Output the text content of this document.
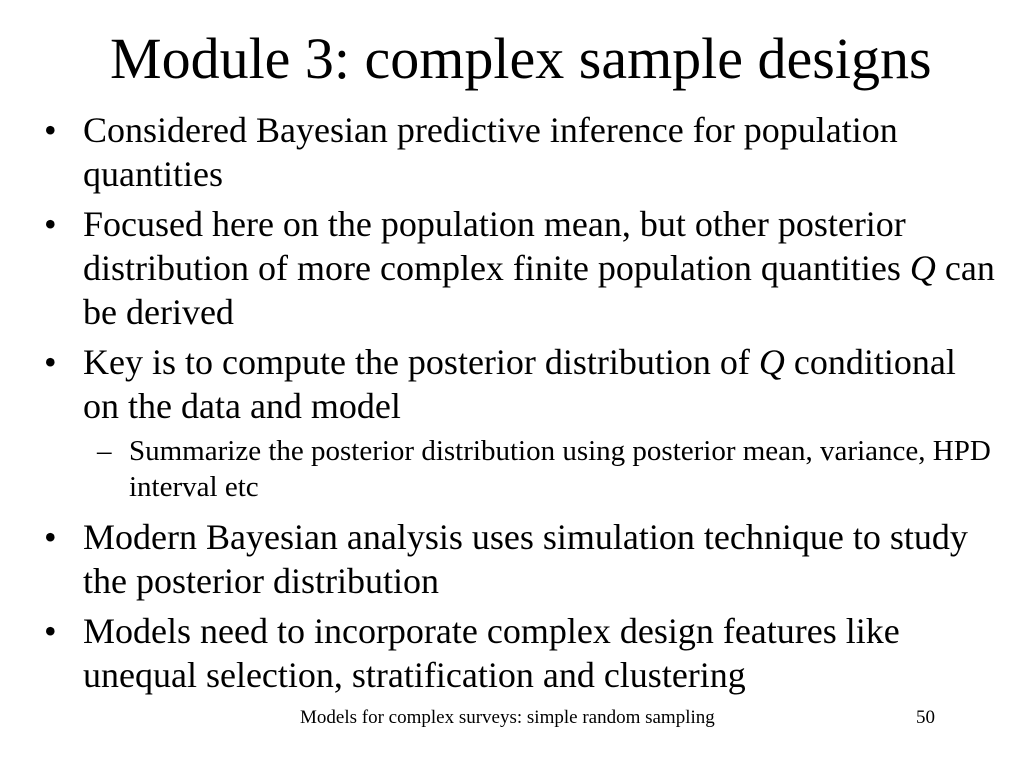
Module 3: complex sample designs
• Considered Bayesian predictive inference for population quantities
• Focused here on the population mean, but other posterior distribution of more complex finite population quantities Q can be derived
• Key is to compute the posterior distribution of Q conditional on the data and model
– Summarize the posterior distribution using posterior mean, variance, HPD interval etc
• Modern Bayesian analysis uses simulation technique to study the posterior distribution
• Models need to incorporate complex design features like unequal selection, stratification and clustering
Models for complex surveys: simple random sampling	50
